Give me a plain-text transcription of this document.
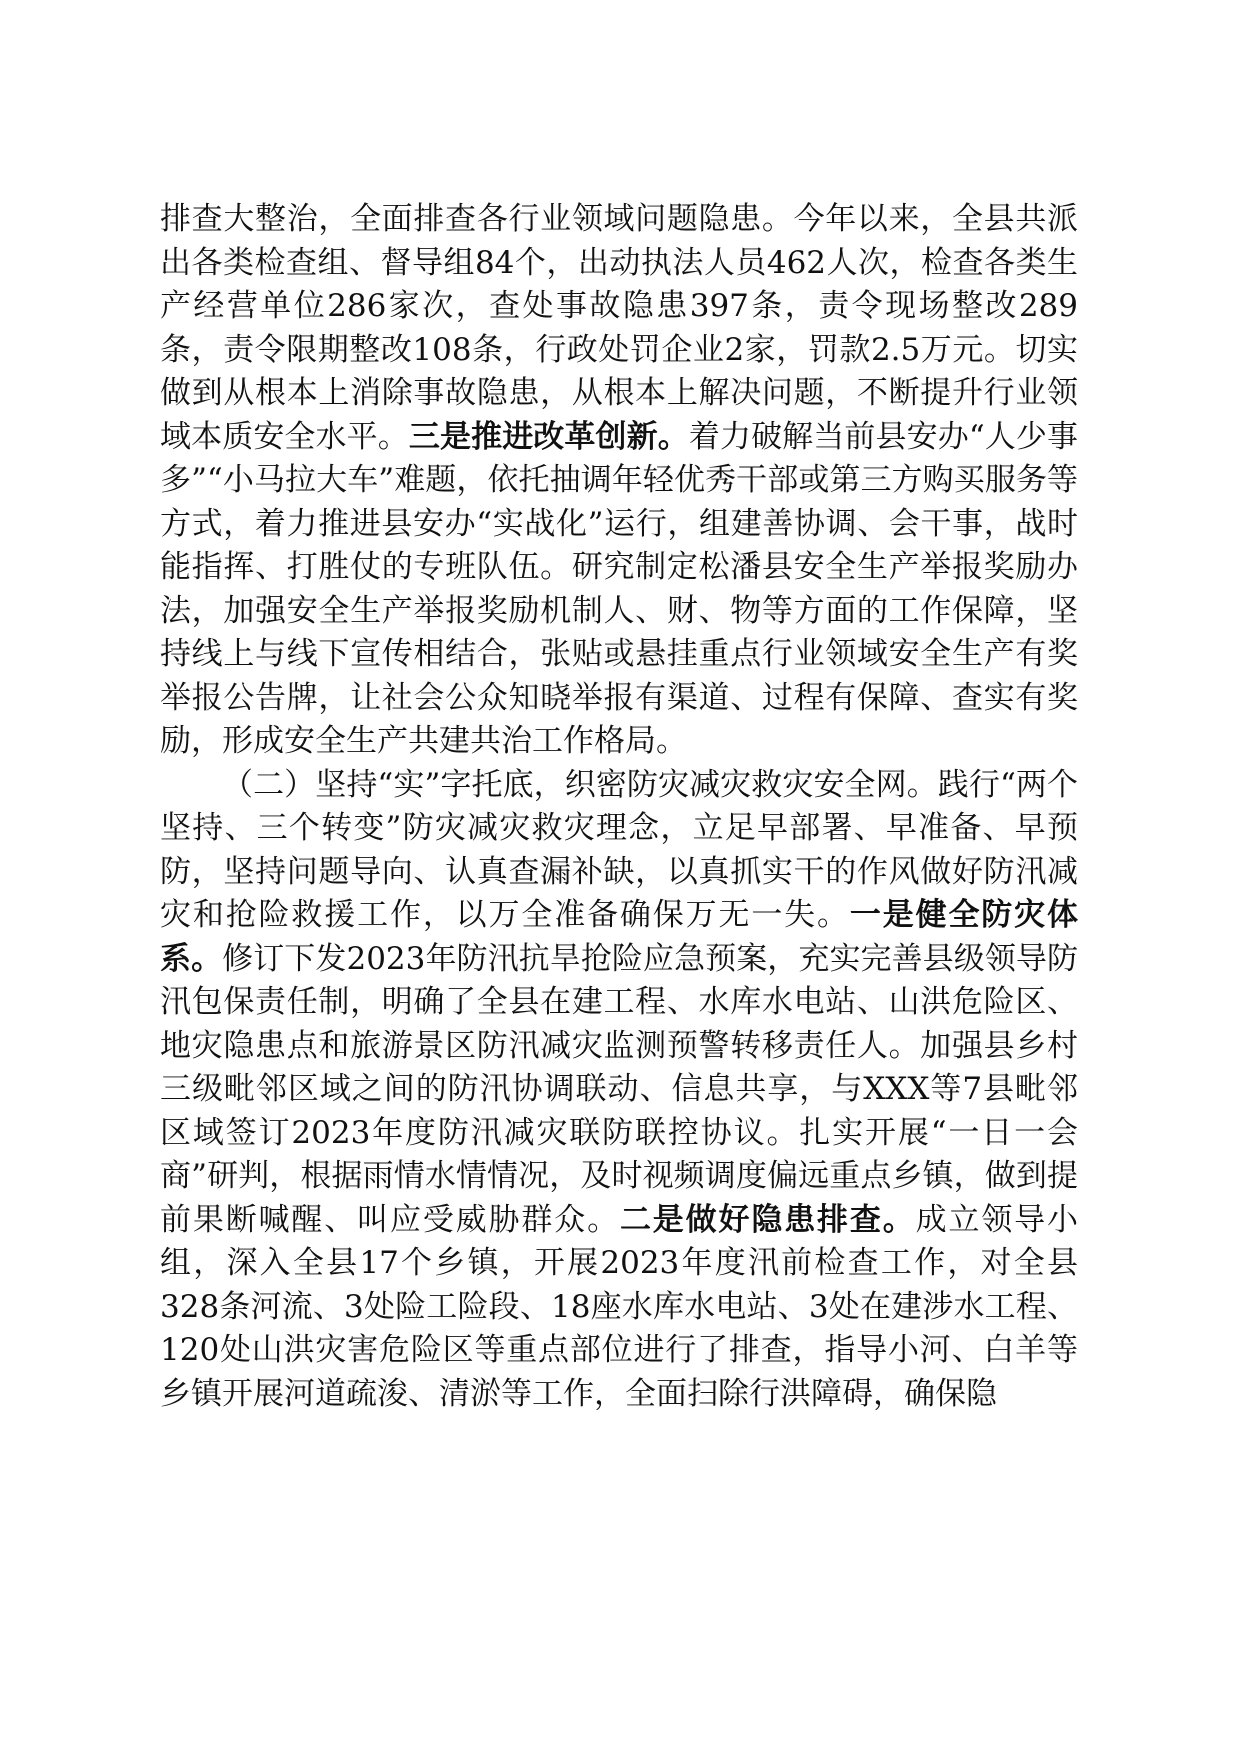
排查大整治，全面排查各行业领域问题隐患。今年以来，全县共派出各类检查组、督导组84个，出动执法人员462人次，检查各类生产经营单位286家次，查处事故隐患397条，责令现场整改289条，责令限期整改108条，行政处罚企业2家，罚款2.5万元。切实做到从根本上消除事故隐患，从根本上解决问题，不断提升行业领域本质安全水平。三是推进改革创新。着力破解当前县安办“人少事多”“小马拉大车”难题，依托抽调年轻优秀干部或第三方购买服务等方式，着力推进县安办“实战化”运行，组建善协调、会干事，战时能指挥、打胜仗的专班队伍。研究制定松潘县安全生产举报奖励办法，加强安全生产举报奖励机制人、财、物等方面的工作保障，坚持线上与线下宣传相结合，张贴或悬挂重点行业领域安全生产有奖举报公告牌，让社会公众知晓举报有渠道、过程有保障、查实有奖励，形成安全生产共建共治工作格局。

（二）坚持“实”字托底，织密防灾减灾救灾安全网。践行“两个坚持、三个转变”防灾减灾救灾理念，立足早部署、早准备、早预防，坚持问题导向、认真查漏补缺，以真抓实干的作风做好防汛减灾和抢险救援工作，以万全准备确保万无一失。一是健全防灾体系。修订下发2023年防汛抗旱抢险应急预案，充实完善县级领导防汛包保责任制，明确了全县在建工程、水库水电站、山洪危险区、地灾隐患点和旅游景区防汛减灾监测预警转移责任人。加强县乡村三级毗邻区域之间的防汛协调联动、信息共享，与XXX等7县毗邻区域签订2023年度防汛减灾联防联控协议。扎实开展“一日一会商”研判，根据雨情水情情况，及时视频调度偏远重点乡镇，做到提前果断喊醒、叫应受威胁群众。二是做好隐患排查。成立领导小组，深入全县17个乡镇，开展2023年度汛前检查工作，对全县328条河流、3处险工险段、18座水库水电站、3处在建涉水工程、120处山洪灾害危险区等重点部位进行了排查，指导小河、白羊等乡镇开展河道疏浚、清淤等工作，全面扫除行洪障碍，确保隐
